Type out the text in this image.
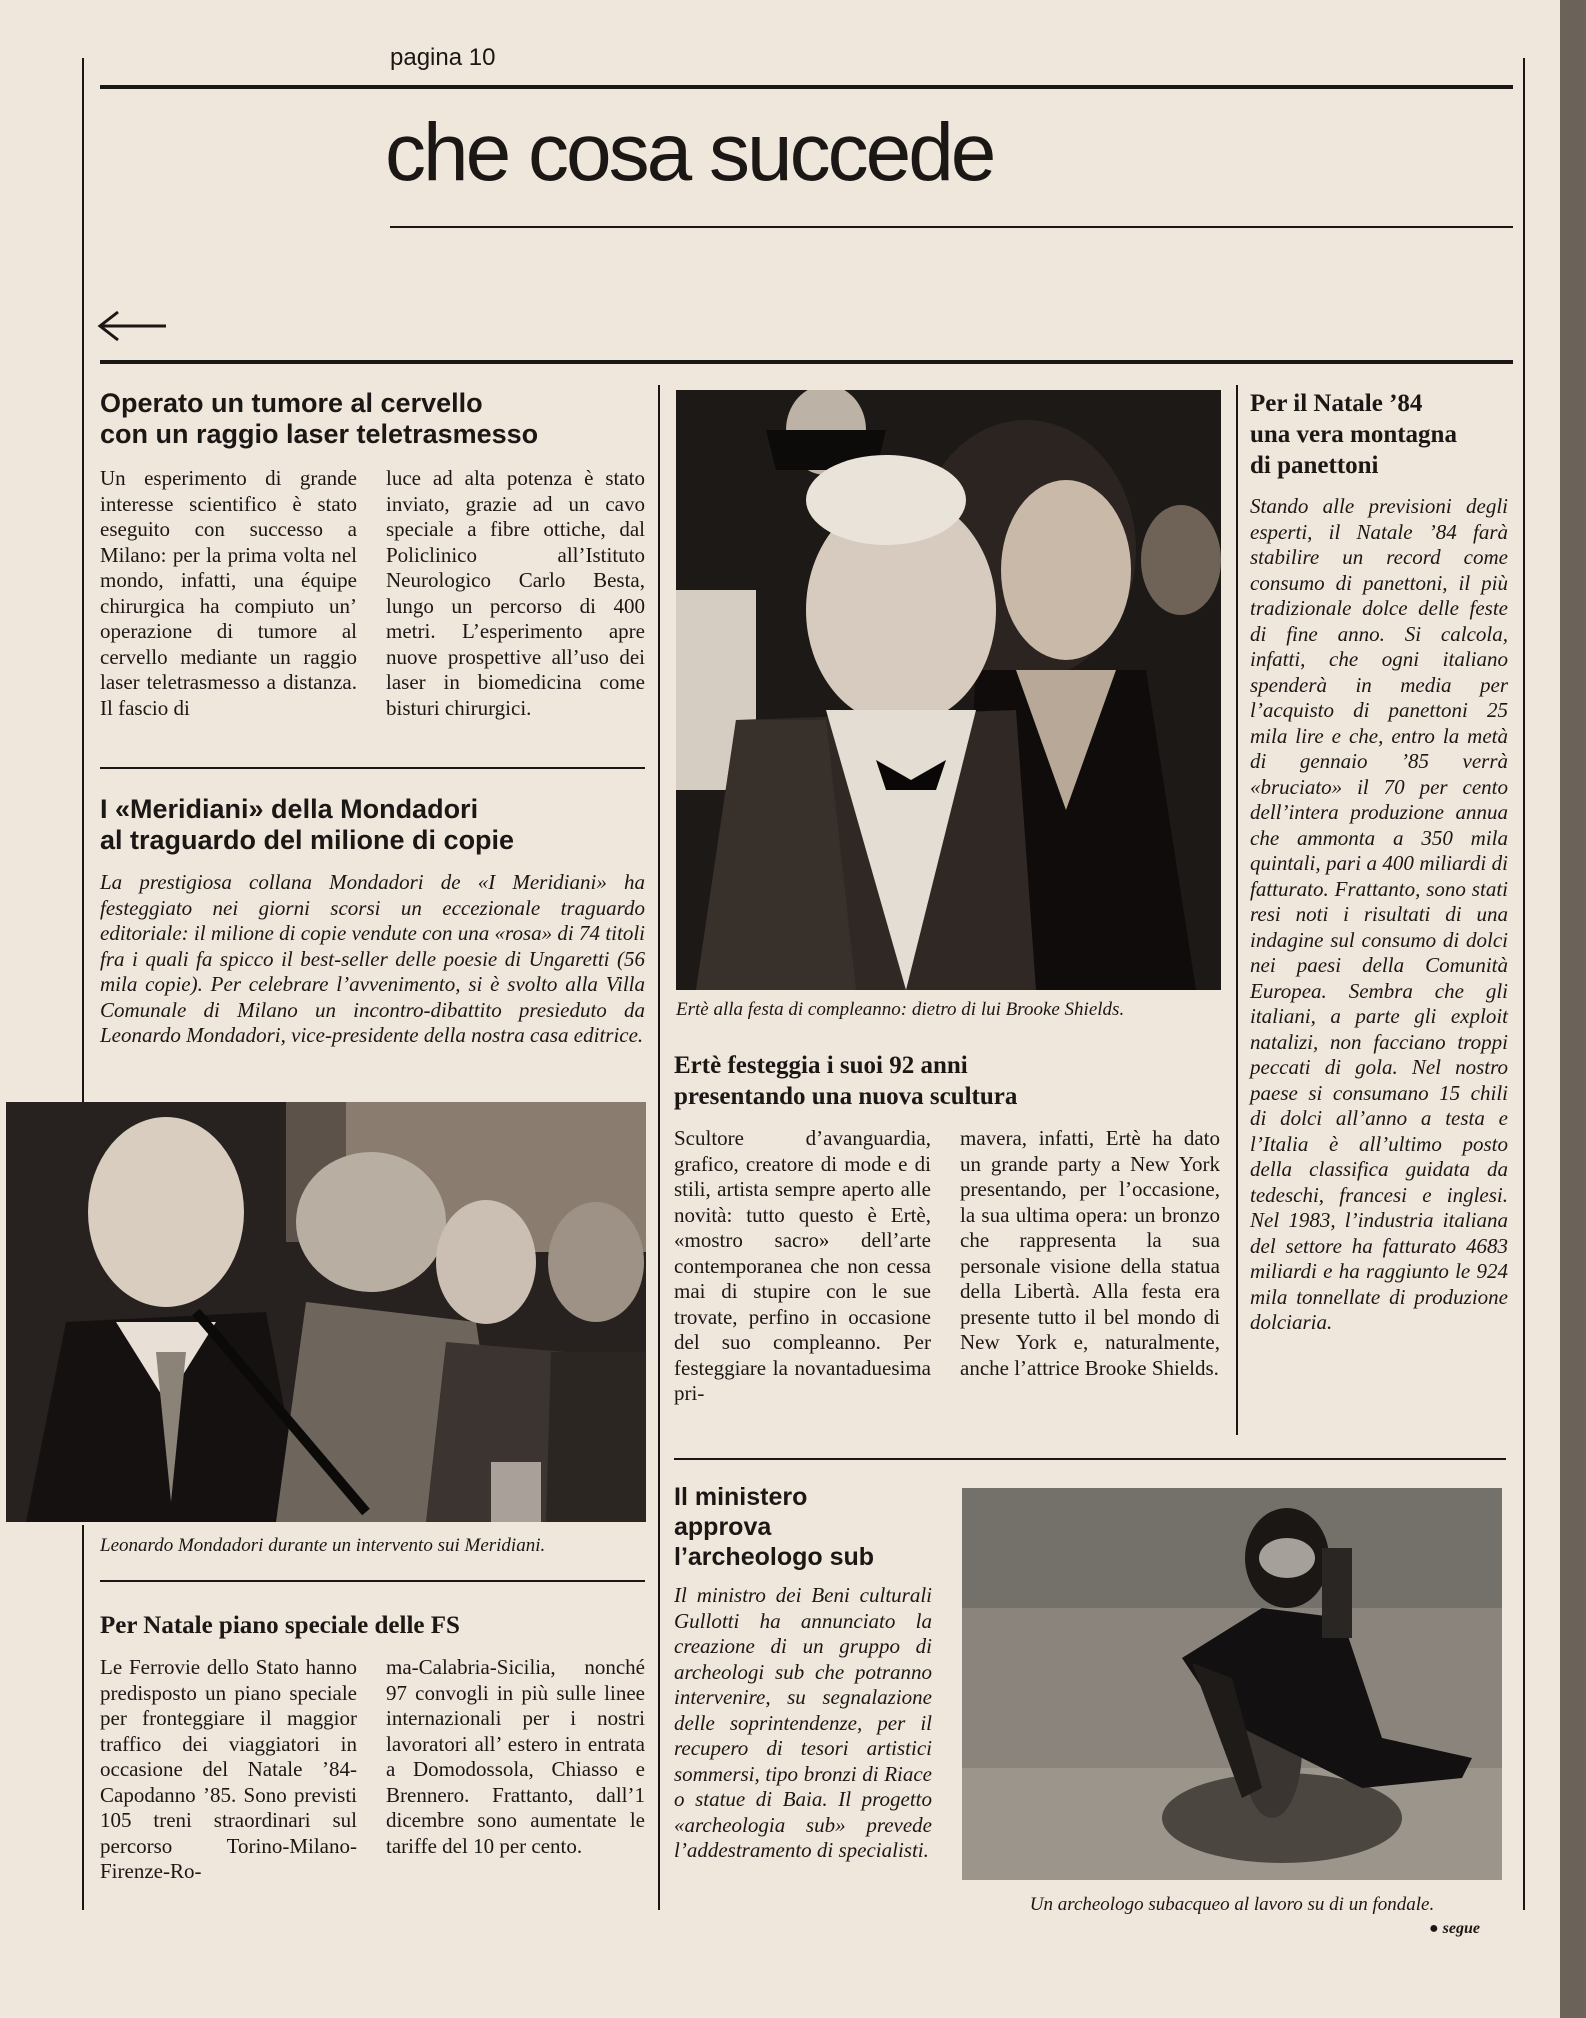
pagina 10
che cosa succede
Operato un tumore al cervello
con un raggio laser teletrasmesso
Un esperimento di grande interesse scientifico è stato eseguito con successo a Milano: per la prima volta nel mondo, infatti, una équipe chirurgica ha compiuto un’ operazione di tumore al cervello mediante un raggio laser teletrasmesso a distanza. Il fascio di
luce ad alta potenza è stato inviato, grazie ad un cavo speciale a fibre ottiche, dal Policlinico all’Istituto Neurologico Carlo Besta, lungo un percorso di 400 metri. L’esperimento apre nuove prospettive all’uso dei laser in biomedicina come bisturi chirurgici.
I «Meridiani» della Mondadori
al traguardo del milione di copie
La prestigiosa collana Mondadori de «I Meridiani» ha festeggiato nei giorni scorsi un eccezionale traguardo editoriale: il milione di copie vendute con una «rosa» di 74 titoli fra i quali fa spicco il best-seller delle poesie di Ungaretti (56 mila copie). Per celebrare l’avvenimento, si è svolto alla Villa Comunale di Milano un incontro-dibattito presieduto da Leonardo Mondadori, vice-presidente della nostra casa editrice.
Leonardo Mondadori durante un intervento sui Meridiani.
Per Natale piano speciale delle FS
Le Ferrovie dello Stato hanno predisposto un piano speciale per fronteggiare il maggior traffico dei viaggiatori in occasione del Natale ’84-Capodanno ’85. Sono previsti 105 treni straordinari sul percorso Torino-Milano-Firenze-Ro-
ma-Calabria-Sicilia, nonché 97 convogli in più sulle linee internazionali per i nostri lavoratori all’ estero in entrata a Domodossola, Chiasso e Brennero. Frattanto, dall’1 dicembre sono aumentate le tariffe del 10 per cento.
Ertè alla festa di compleanno: dietro di lui Brooke Shields.
Ertè festeggia i suoi 92 anni
presentando una nuova scultura
Scultore d’avanguardia, grafico, creatore di mode e di stili, artista sempre aperto alle novità: tutto questo è Ertè, «mostro sacro» dell’arte contemporanea che non cessa mai di stupire con le sue trovate, perfino in occasione del suo compleanno. Per festeggiare la novantaduesima pri-
mavera, infatti, Ertè ha dato un grande party a New York presentando, per l’occasione, la sua ultima opera: un bronzo che rappresenta la sua personale visione della statua della Libertà. Alla festa era presente tutto il bel mondo di New York e, naturalmente, anche l’attrice Brooke Shields.
Per il Natale ’84
una vera montagna
di panettoni
Stando alle previsioni degli esperti, il Natale ’84 farà stabilire un record come consumo di panettoni, il più tradizionale dolce delle feste di fine anno. Si calcola, infatti, che ogni italiano spenderà in media per l’acquisto di panettoni 25 mila lire e che, entro la metà di gennaio ’85 verrà «bruciato» il 70 per cento dell’intera produzione annua che ammonta a 350 mila quintali, pari a 400 miliardi di fatturato. Frattanto, sono stati resi noti i risultati di una indagine sul consumo di dolci nei paesi della Comunità Europea. Sembra che gli italiani, a parte gli exploit natalizi, non facciano troppi peccati di gola. Nel nostro paese si consumano 15 chili di dolci all’anno a testa e l’Italia è all’ultimo posto della classifica guidata da tedeschi, francesi e inglesi. Nel 1983, l’industria italiana del settore ha fatturato 4683 miliardi e ha raggiunto le 924 mila tonnellate di produzione dolciaria.
Il ministero
approva
l’archeologo sub
Il ministro dei Beni culturali Gullotti ha annunciato la creazione di un gruppo di archeologi sub che potranno intervenire, su segnalazione delle soprintendenze, per il recupero di tesori artistici sommersi, tipo bronzi di Riace o statue di Baia. Il progetto «archeologia sub» prevede l’addestramento di specialisti.
Un archeologo subacqueo al lavoro su di un fondale.
● segue
